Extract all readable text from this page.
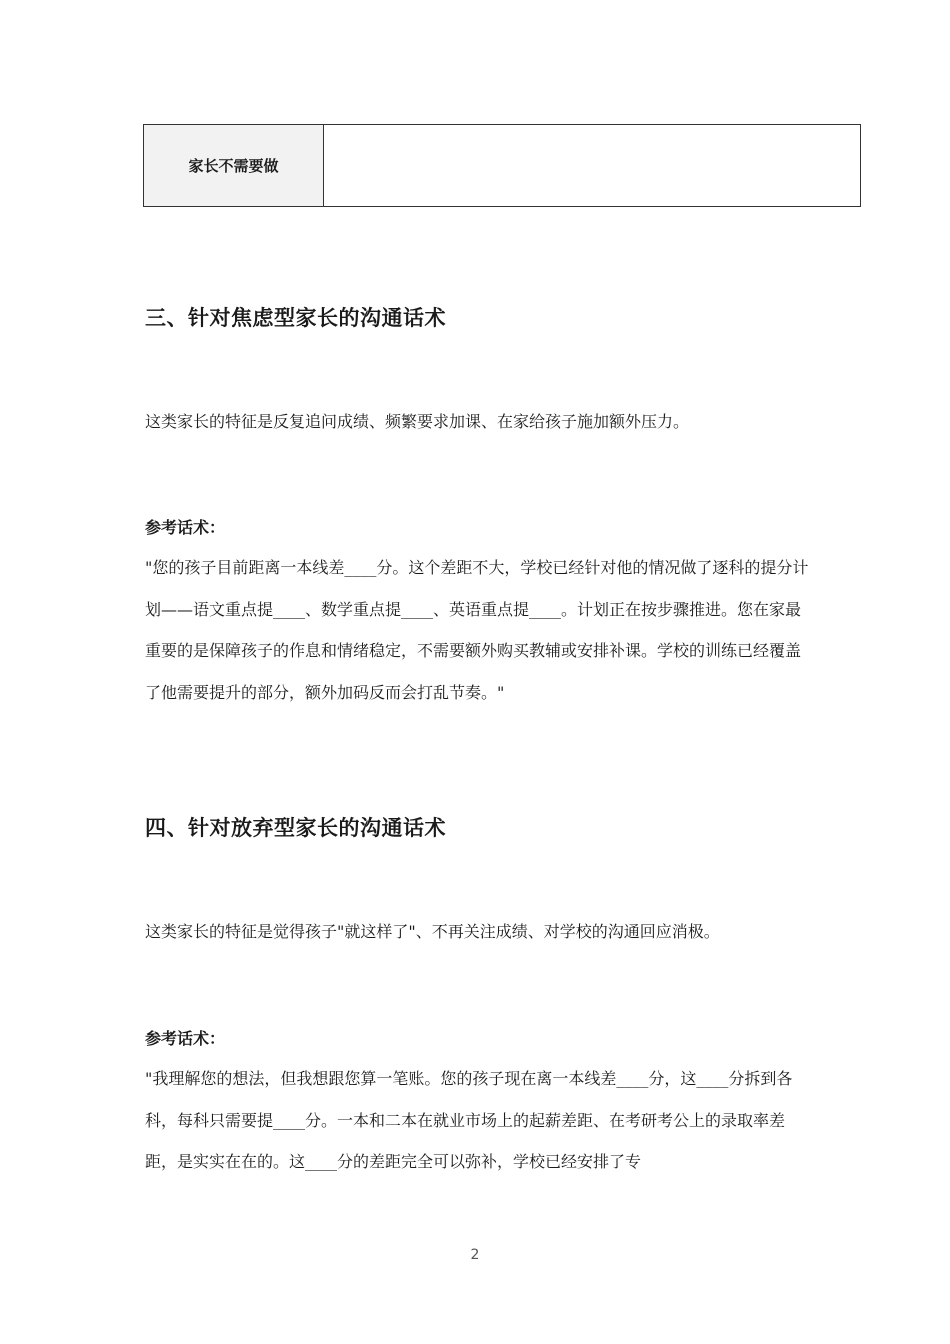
家长不需要做
三、针对焦虑型家长的沟通话术

这类家长的特征是反复追问成绩、频繁要求加课、在家给孩子施加额外压力。

参考话术：

"您的孩子目前距离一本线差____分。这个差距不大，学校已经针对他的情况做了逐科的提分计划——语文重点提____、数学重点提____、英语重点提____。计划正在按步骤推进。您在家最重要的是保障孩子的作息和情绪稳定，不需要额外购买教辅或安排补课。学校的训练已经覆盖了他需要提升的部分，额外加码反而会打乱节奏。"

四、针对放弃型家长的沟通话术

这类家长的特征是觉得孩子"就这样了"、不再关注成绩、对学校的沟通回应消极。

参考话术：

"我理解您的想法，但我想跟您算一笔账。您的孩子现在离一本线差____分，这____分拆到各科，每科只需要提____分。一本和二本在就业市场上的起薪差距、在考研考公上的录取率差距，是实实在在的。这____分的差距完全可以弥补，学校已经安排了专

2
